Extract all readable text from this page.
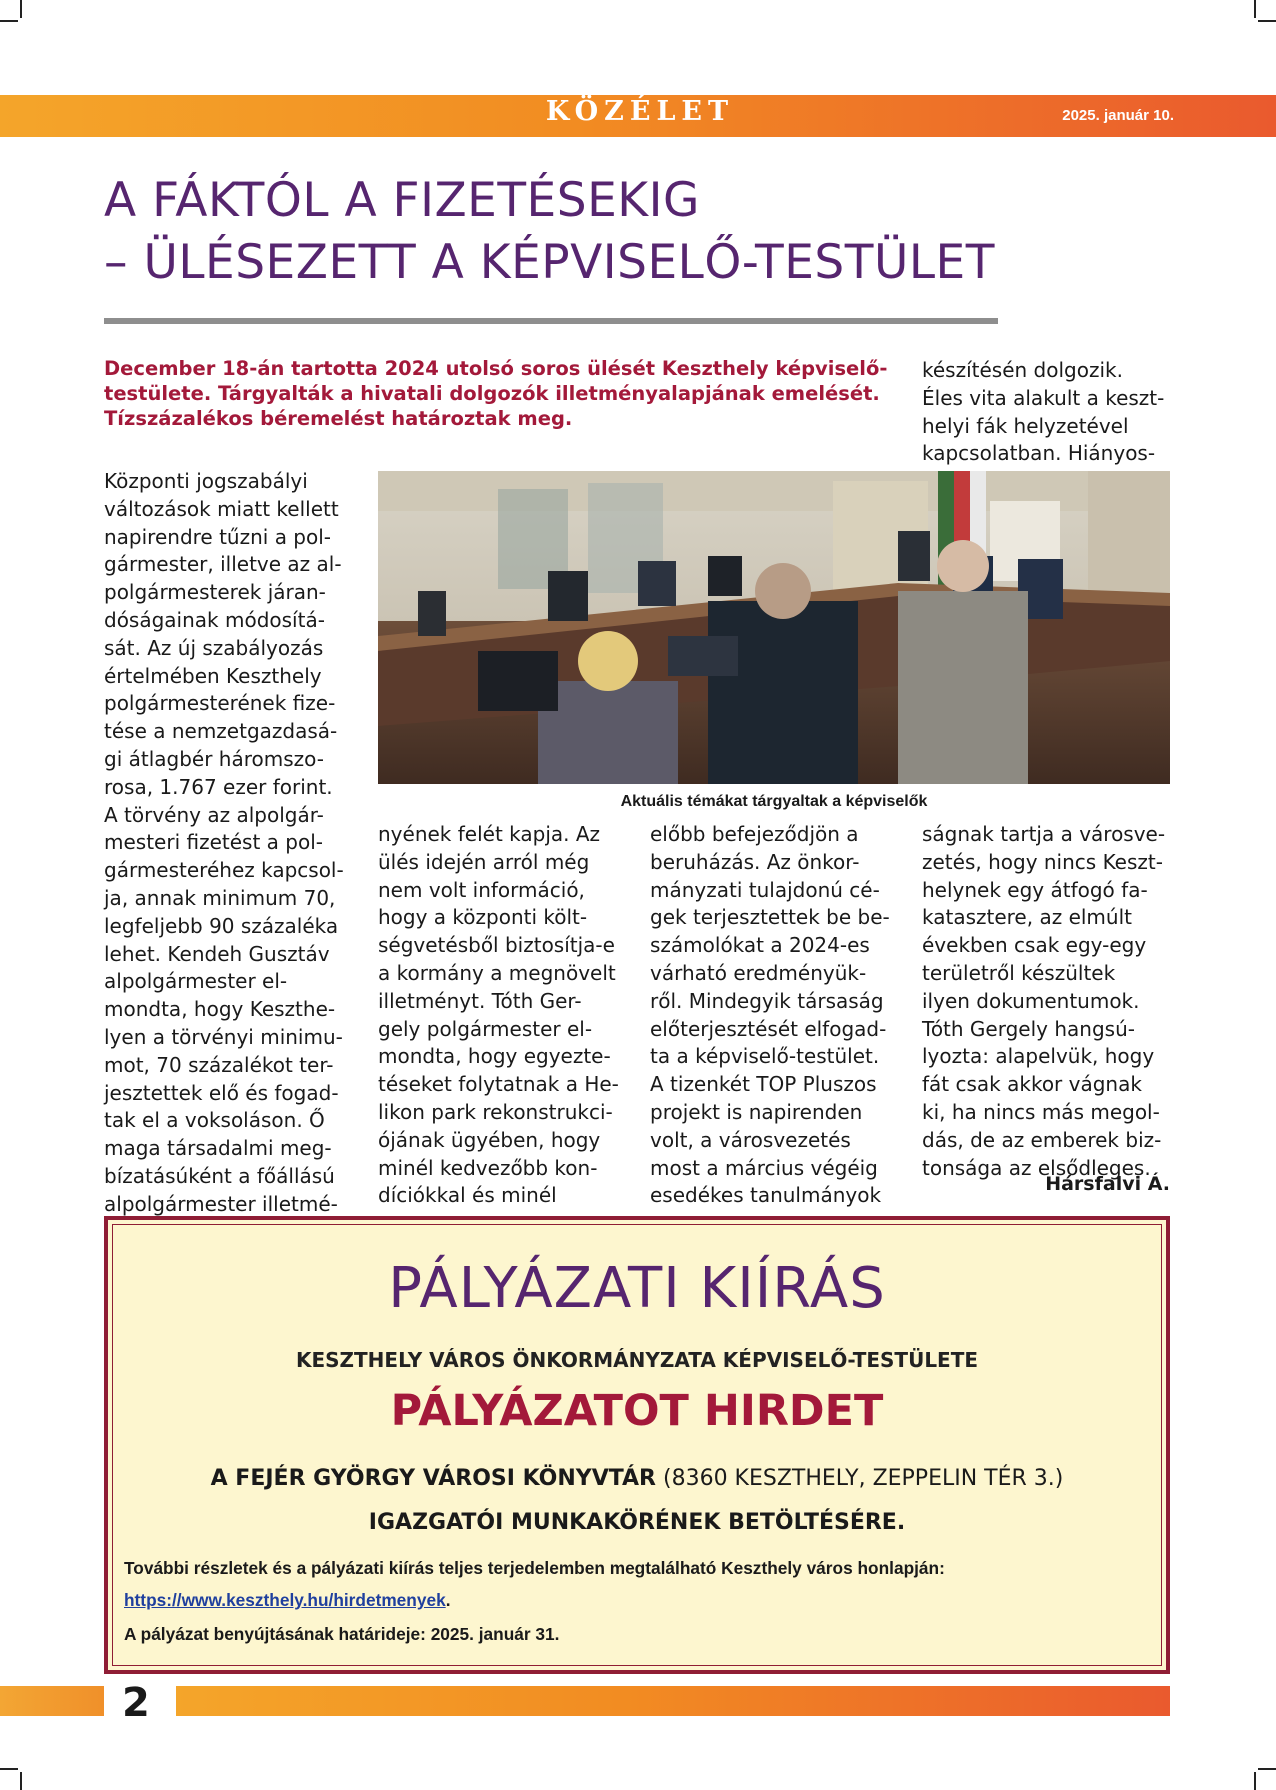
KÖZÉLET	2025. január 10.
A FÁKTÓL A FIZETÉSEKIG
– ÜLÉSEZETT A KÉPVISELŐ-TESTÜLET
December 18-án tartotta 2024 utolsó soros ülését Keszthely képviselő-
testülete. Tárgyalták a hivatali dolgozók illetményalapjának emelését.
Tízszázalékos béremelést határoztak meg.
Központi jogszabályi
változások miatt kellett
napirendre tűzni a pol-
gármester, illetve az al-
polgármesterek járan-
dóságainak módosítá-
sát. Az új szabályozás
értelmében Keszthely
polgármesterének fize-
tése a nemzetgazdasá-
gi átlagbér háromszo-
rosa, 1.767 ezer forint.
A törvény az alpolgár-
mesteri fizetést a pol-
gármesteréhez kapcsol-
ja, annak minimum 70,
legfeljebb 90 százaléka
lehet. Kendeh Gusztáv
alpolgármester el-
mondta, hogy Keszthe-
lyen a törvényi minimu-
mot, 70 százalékot ter-
jesztettek elő és fogad-
tak el a voksoláson. Ő
maga társadalmi meg-
bízatásúként a főállású
alpolgármester illetmé-
nyének felét kapja. Az
ülés idején arról még
nem volt információ,
hogy a központi költ-
ségvetésből biztosítja-e
a kormány a megnövelt
illetményt. Tóth Ger-
gely polgármester el-
mondta, hogy egyezte-
téseket folytatnak a He-
likon park rekonstrukci-
ójának ügyében, hogy
minél kedvezőbb kon-
díciókkal és minél
előbb befejeződjön a
beruházás. Az önkor-
mányzati tulajdonú cé-
gek terjesztettek be be-
számolókat a 2024-es
várható eredményük-
ről. Mindegyik társaság
előterjesztését elfogad-
ta a képviselő-testület.
A tizenkét TOP Pluszos
projekt is napirenden
volt, a városvezetés
most a március végéig
esedékes tanulmányok
készítésén dolgozik.
Éles vita alakult a keszt-
helyi fák helyzetével
kapcsolatban. Hiányos-
ságnak tartja a városve-
zetés, hogy nincs Keszt-
helynek egy átfogó fa-
katasztere, az elmúlt
években csak egy-egy
területről készültek
ilyen dokumentumok.
Tóth Gergely hangsú-
lyozta: alapelvük, hogy
fát csak akkor vágnak
ki, ha nincs más megol-
dás, de az emberek biz-
tonsága az elsődleges.
Hársfalvi Á.
Aktuális témákat tárgyaltak a képviselők
PÁLYÁZATI KIÍRÁS
KESZTHELY VÁROS ÖNKORMÁNYZATA KÉPVISELŐ-TESTÜLETE
PÁLYÁZATOT HIRDET
A FEJÉR GYÖRGY VÁROSI KÖNYVTÁR (8360 KESZTHELY, ZEPPELIN TÉR 3.)
IGAZGATÓI MUNKAKÖRÉNEK BETÖLTÉSÉRE.
További részletek és a pályázati kiírás teljes terjedelemben megtalálható Keszthely város honlapján:
https://www.keszthely.hu/hirdetmenyek.
A pályázat benyújtásának határideje: 2025. január 31.
2
